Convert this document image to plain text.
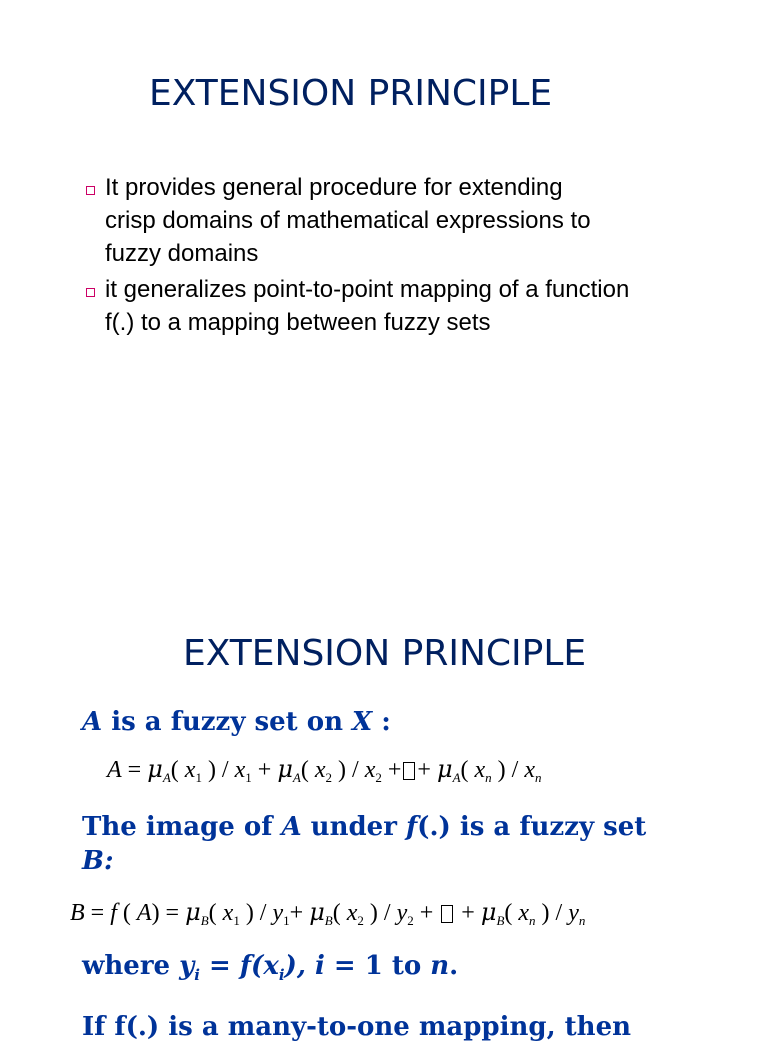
EXTENSION PRINCIPLE
It provides general procedure for extending
crisp domains of mathematical expressions to
fuzzy domains
it generalizes point-to-point mapping of a function
f(.) to a mapping between fuzzy sets
EXTENSION PRINCIPLE
A is a fuzzy set on X :
$A = \mu_A$( $x_1$ ) / $x_1 + \mu_A$( $x_2$ ) / $x_2$ + + $\mu_A$( $x_n$ ) / $x_n$
The image of A under f(.) is a fuzzy set
B:
B = f ( $A) = \mu_B$( $x_1$ ) / $y_1+ \mu_B$( $x_2$ ) / $y_2$ +  + $\mu_B$( $x_n$ ) / $y_n$
where $y_i = f(x_i)$, i = 1 to n.
If f(.) is a many-to-one mapping, then
